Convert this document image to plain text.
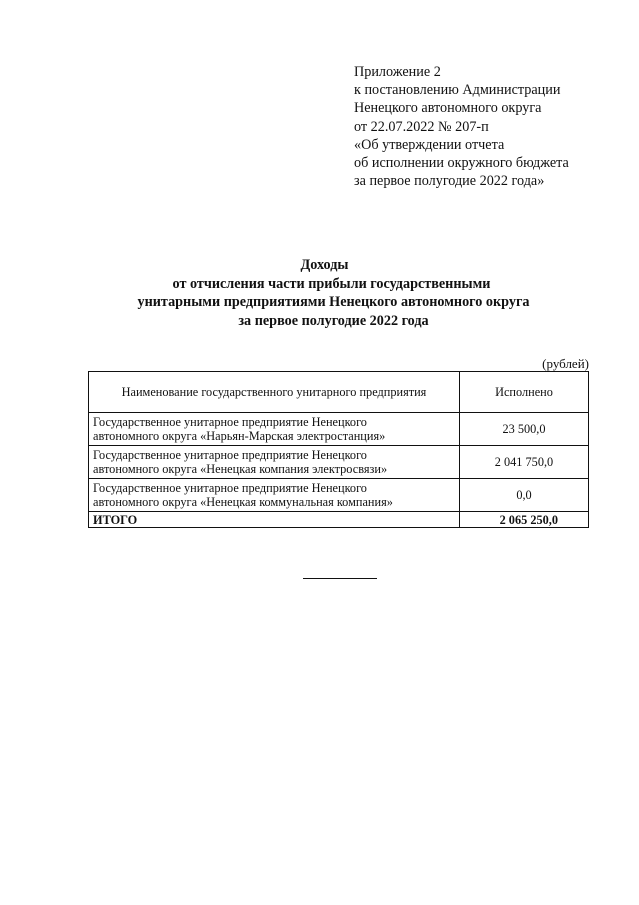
Приложение 2
к постановлению Администрации
Ненецкого автономного округа
от 22.07.2022 № 207-п
«Об утверждении отчета
об исполнении окружного бюджета
за первое полугодие 2022 года»
Доходы
от отчисления части прибыли государственными
унитарными предприятиями Ненецкого автономного округа
за первое полугодие 2022 года
(рублей)
Наименование государственного унитарного предприятия	Исполнено

Государственное унитарное предприятие Ненецкого
автономного округа «Нарьян-Марская электростанция»	23 500,0

Государственное унитарное предприятие Ненецкого
автономного округа «Ненецкая компания электросвязи»	2 041 750,0

Государственное унитарное предприятие Ненецкого
автономного округа «Ненецкая коммунальная компания»	0,0
ИТОГО	2 065 250,0
